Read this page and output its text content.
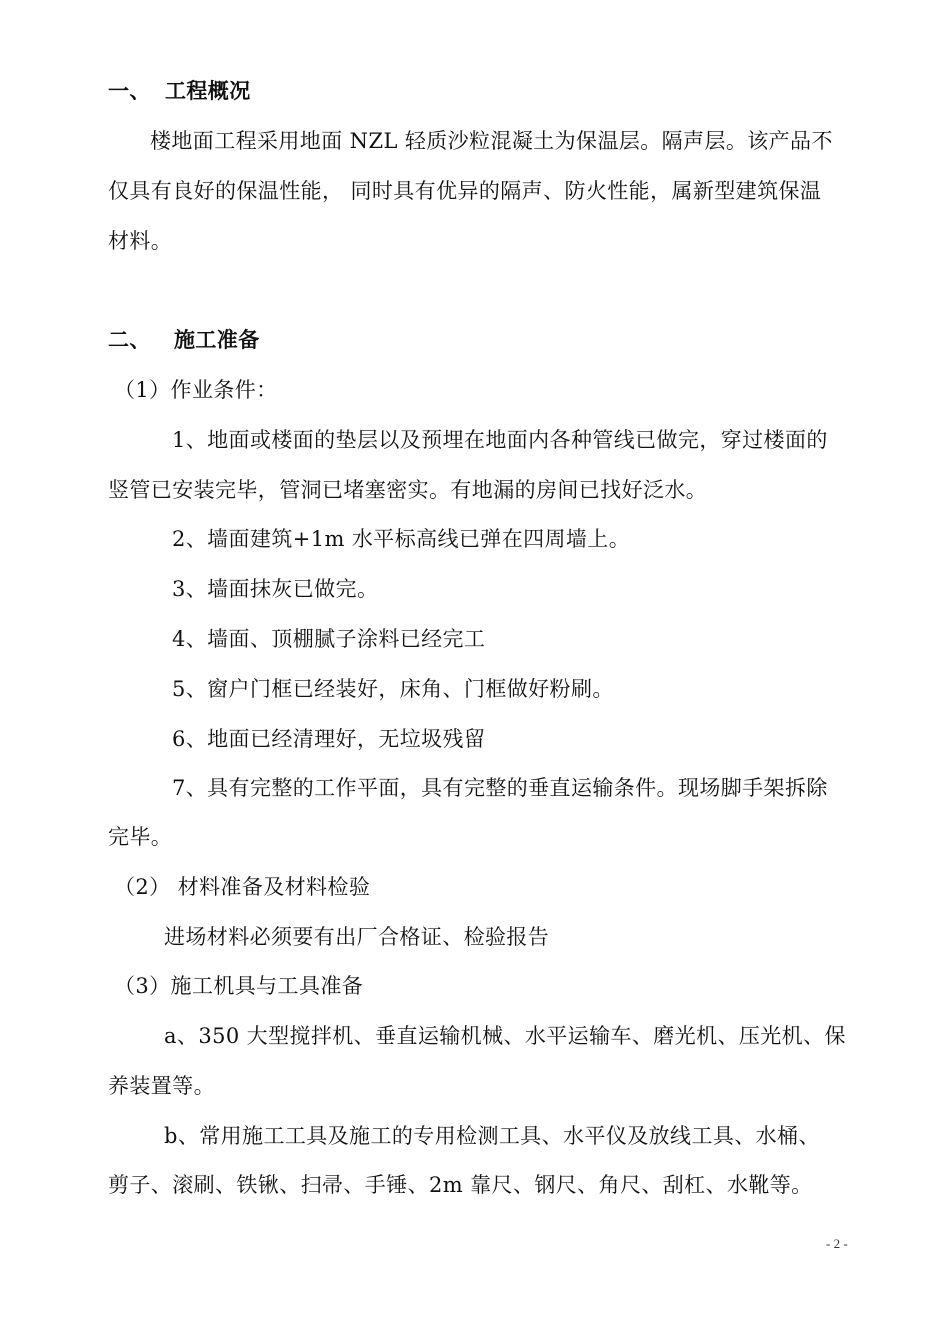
一、 工程概况
楼地面工程采用地面 NZL 轻质沙粒混凝土为保温层。隔声层。该产品不
仅具有良好的保温性能， 同时具有优异的隔声、防火性能，属新型建筑保温
材料。
二、 施工准备
（1）作业条件：
1、地面或楼面的垫层以及预埋在地面内各种管线已做完，穿过楼面的
竖管已安装完毕，管洞已堵塞密实。有地漏的房间已找好泛水。
2、墙面建筑+1m 水平标高线已弹在四周墙上。
3、墙面抹灰已做完。
4、墙面、顶棚腻子涂料已经完工
5、窗户门框已经装好，床角、门框做好粉刷。
6、地面已经清理好，无垃圾残留
7、具有完整的工作平面，具有完整的垂直运输条件。现场脚手架拆除
完毕。
（2） 材料准备及材料检验
进场材料必须要有出厂合格证、检验报告
（3）施工机具与工具准备
a、350 大型搅拌机、垂直运输机械、水平运输车、磨光机、压光机、保
养装置等。
b、常用施工工具及施工的专用检测工具、水平仪及放线工具、水桶、
剪子、滚刷、铁锹、扫帚、手锤、2m 靠尺、钢尺、角尺、刮杠、水靴等。
- 2 -
